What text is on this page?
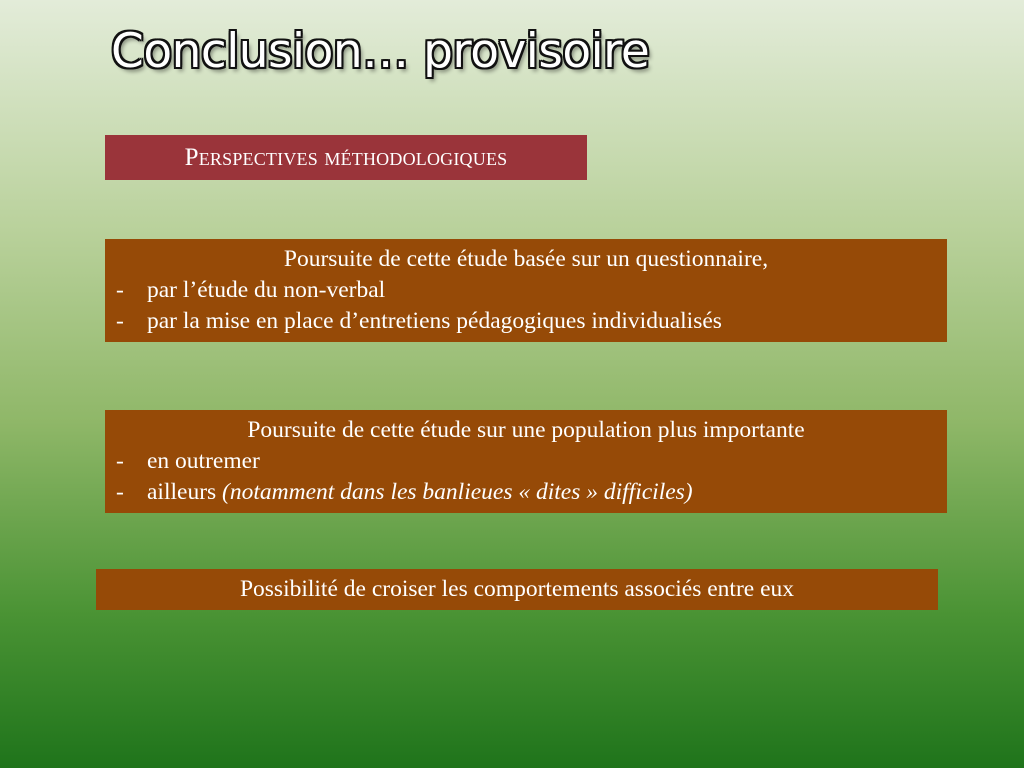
Conclusion… provisoire
Perspectives méthodologiques
Poursuite de cette étude basée sur un questionnaire,
- par l’étude du non-verbal
- par la mise en place d’entretiens pédagogiques individualisés
Poursuite de cette étude sur une population plus importante
- en outremer
- ailleurs (notamment dans les banlieues « dites » difficiles)
Possibilité de croiser les comportements associés entre eux
